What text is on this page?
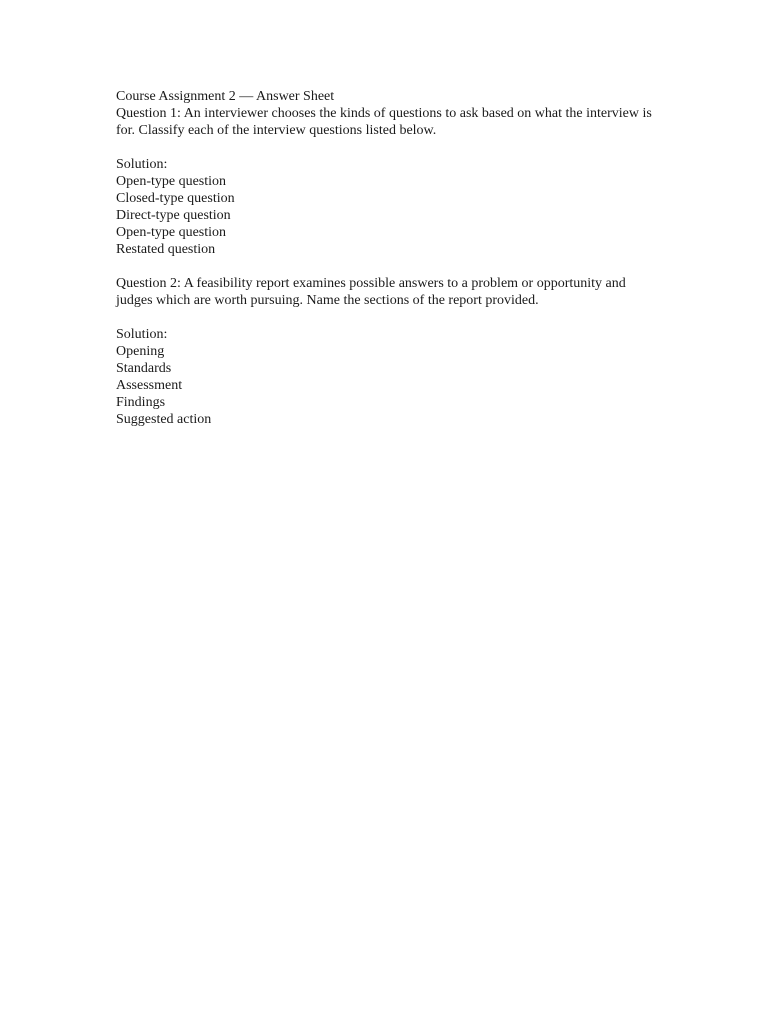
Course Assignment 2 — Answer Sheet

Question 1: An interviewer chooses the kinds of questions to ask based on what the interview is for. Classify each of the interview questions listed below.

Solution:

Open-type question
Closed-type question
Direct-type question
Open-type question
Restated question

Question 2: A feasibility report examines possible answers to a problem or opportunity and judges which are worth pursuing. Name the sections of the report provided.

Solution:

Opening
Standards
Assessment
Findings
Suggested action
